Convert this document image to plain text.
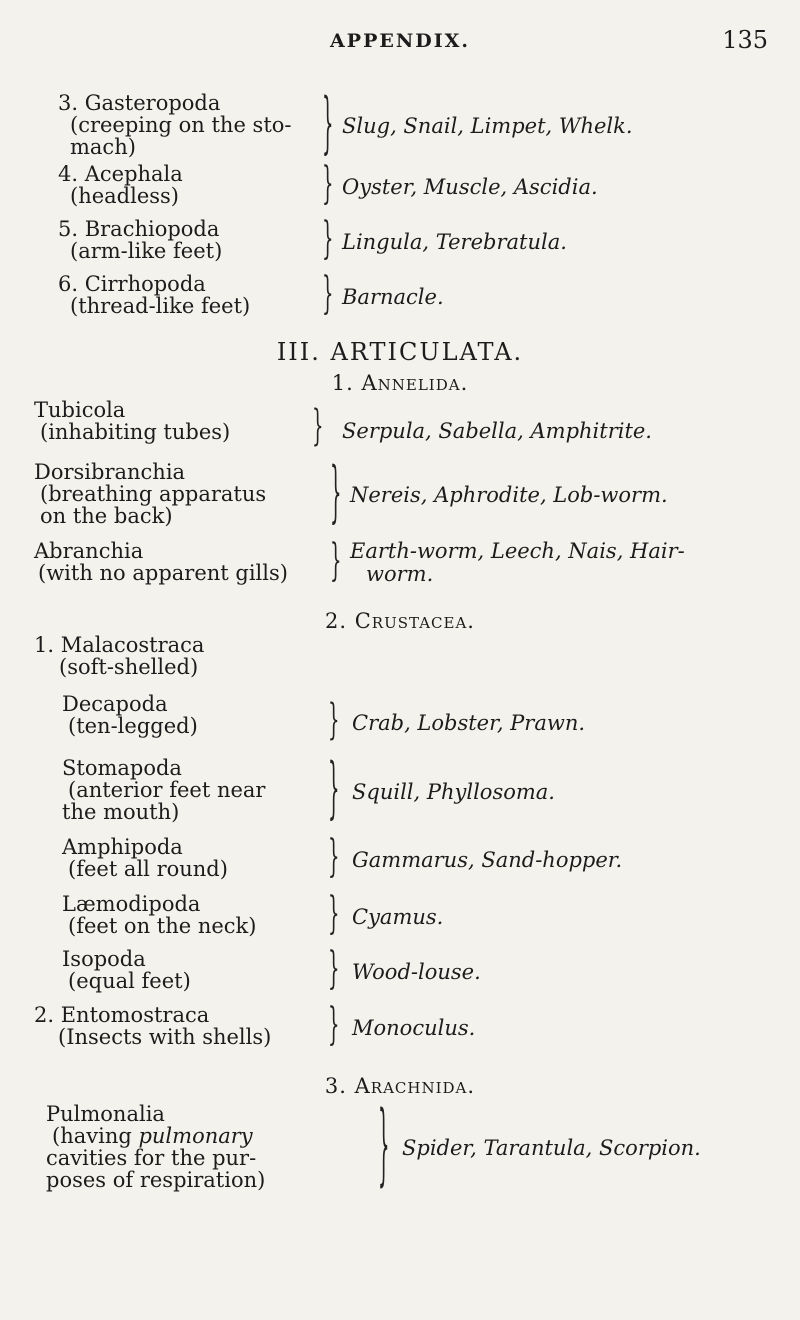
APPENDIX.	135
3. Gasteropoda
(creeping on the sto-
mach)	} Slug, Snail, Limpet, Whelk.
4. Acephala
(headless)	} Oyster, Muscle, Ascidia.
5. Brachiopoda
(arm-like feet)	} Lingula, Terebratula.
6. Cirrhopoda
(thread-like feet) } Barnacle.
III. ARTICULATA.
1. Annelida.
Tubicola
(inhabiting tubes)	} Serpula, Sabella, Amphitrite.
Dorsibranchia
(breathing apparatus
on the back)	} Nereis, Aphrodite, Lob-worm.
Abranchia
(with no apparent gills) } Earth-worm, Leech, Nais, Hair-
worm.
2. Crustacea.
1. Malacostraca
(soft-shelled)
Decapoda
(ten-legged)	} Crab, Lobster, Prawn.
Stomapoda
(anterior feet near
the mouth)	} Squill, Phyllosoma.
Amphipoda
(feet all round)	} Gammarus, Sand-hopper.
Læmodipoda
(feet on the neck) } Cyamus.
Isopoda
(equal feet)	} Wood-louse.
2. Entomostraca
(Insects with shells) } Monoculus.
3. Arachnida.
Pulmonalia
(having pulmonary
cavities for the pur-
poses of respiration)	} Spider, Tarantula, Scorpion.
